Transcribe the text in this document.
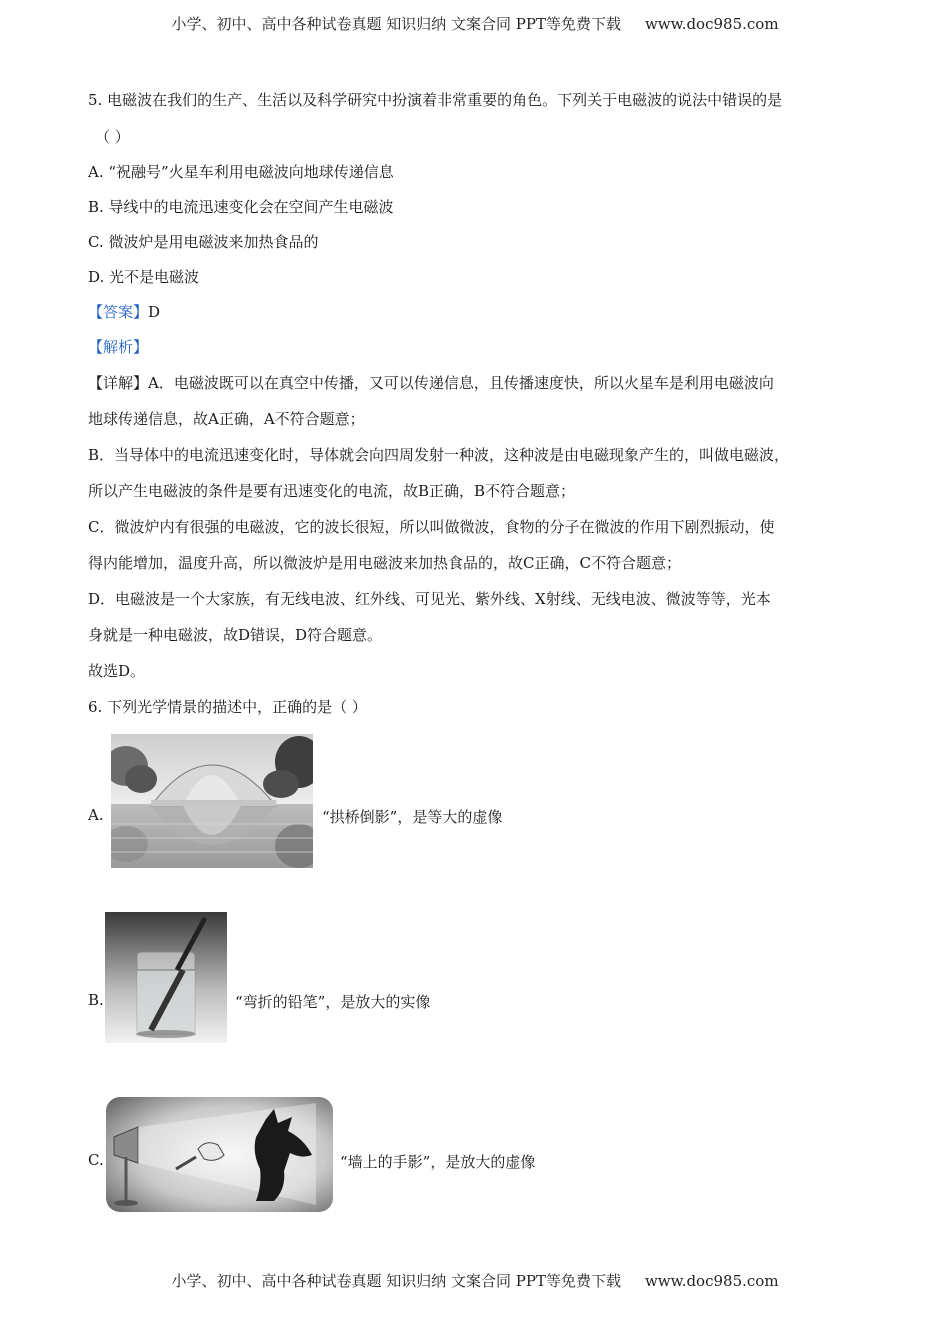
小学、初中、高中各种试卷真题 知识归纳 文案合同 PPT等免费下载 www.doc985.com
5. 电磁波在我们的生产、生活以及科学研究中扮演着非常重要的角色。下列关于电磁波的说法中错误的是
（ ）
A. “祝融号”火星车利用电磁波向地球传递信息
B. 导线中的电流迅速变化会在空间产生电磁波
C. 微波炉是用电磁波来加热食品的
D. 光不是电磁波
【答案】D
【解析】
【详解】A．电磁波既可以在真空中传播，又可以传递信息，且传播速度快，所以火星车是利用电磁波向
地球传递信息，故A正确，A不符合题意；
B．当导体中的电流迅速变化时，导体就会向四周发射一种波，这种波是由电磁现象产生的，叫做电磁波，
所以产生电磁波的条件是要有迅速变化的电流，故B正确，B不符合题意；
C．微波炉内有很强的电磁波，它的波长很短，所以叫做微波，食物的分子在微波的作用下剧烈振动，使
得内能增加，温度升高，所以微波炉是用电磁波来加热食品的，故C正确，C不符合题意；
D．电磁波是一个大家族，有无线电波、红外线、可见光、紫外线、X射线、无线电波、微波等等，光本
身就是一种电磁波，故D错误，D符合题意。
故选D。
6. 下列光学情景的描述中，正确的是（ ）
A.	“拱桥倒影”，是等大的虚像
B.	“弯折的铅笔”，是放大的实像
C.	“墙上的手影”，是放大的虚像
小学、初中、高中各种试卷真题 知识归纳 文案合同 PPT等免费下载 www.doc985.com
